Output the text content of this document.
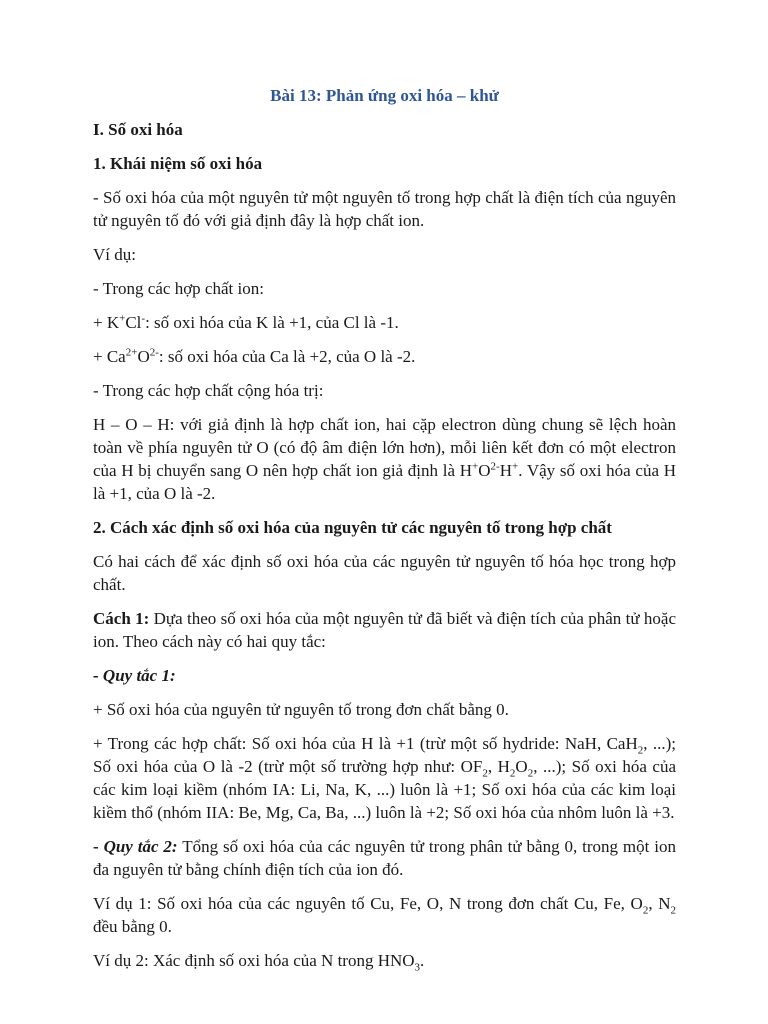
Bài 13: Phản ứng oxi hóa – khử
I. Số oxi hóa
1. Khái niệm số oxi hóa

- Số oxi hóa của một nguyên tử một nguyên tố trong hợp chất là điện tích của nguyên tử nguyên tố đó với giả định đây là hợp chất ion.

Ví dụ:

- Trong các hợp chất ion:

+ K+Cl-: số oxi hóa của K là +1, của Cl là -1.

+ $Ca^{2+}O^{2-}$: số oxi hóa của Ca là +2, của O là -2.

- Trong các hợp chất cộng hóa trị:

H – O – H: với giả định là hợp chất ion, hai cặp electron dùng chung sẽ lệch hoàn toàn về phía nguyên tử O (có độ âm điện lớn hơn), mỗi liên kết đơn có một electron của H bị chuyển sang O nên hợp chất ion giả định là $H^+O^{2-}H^+$. Vậy số oxi hóa của H là +1, của O là -2.

2. Cách xác định số oxi hóa của nguyên tử các nguyên tố trong hợp chất

Có hai cách để xác định số oxi hóa của các nguyên tử nguyên tố hóa học trong hợp chất.

Cách 1: Dựa theo số oxi hóa của một nguyên tử đã biết và điện tích của phân tử hoặc ion. Theo cách này có hai quy tắc:

- Quy tắc 1:

+ Số oxi hóa của nguyên tử nguyên tố trong đơn chất bằng 0.

+ Trong các hợp chất: Số oxi hóa của H là +1 (trừ một số hydride: NaH, CaH$_2$, ...); Số oxi hóa của O là -2 (trừ một số trường hợp như: $OF_2$, $H_2O_2$, ...); Số oxi hóa của các kim loại kiềm (nhóm IA: Li, Na, K, ...) luôn là +1; Số oxi hóa của các kim loại kiềm thổ (nhóm IIA: Be, Mg, Ca, Ba, ...) luôn là +2; Số oxi hóa của nhôm luôn là +3.

- Quy tắc 2: Tổng số oxi hóa của các nguyên tử trong phân tử bằng 0, trong một ion đa nguyên tử bằng chính điện tích của ion đó.

Ví dụ 1: Số oxi hóa của các nguyên tố Cu, Fe, O, N trong đơn chất Cu, Fe, $O_2$, $N_2$ đều bằng 0.

Ví dụ 2: Xác định số oxi hóa của N trong $HNO_3$.
